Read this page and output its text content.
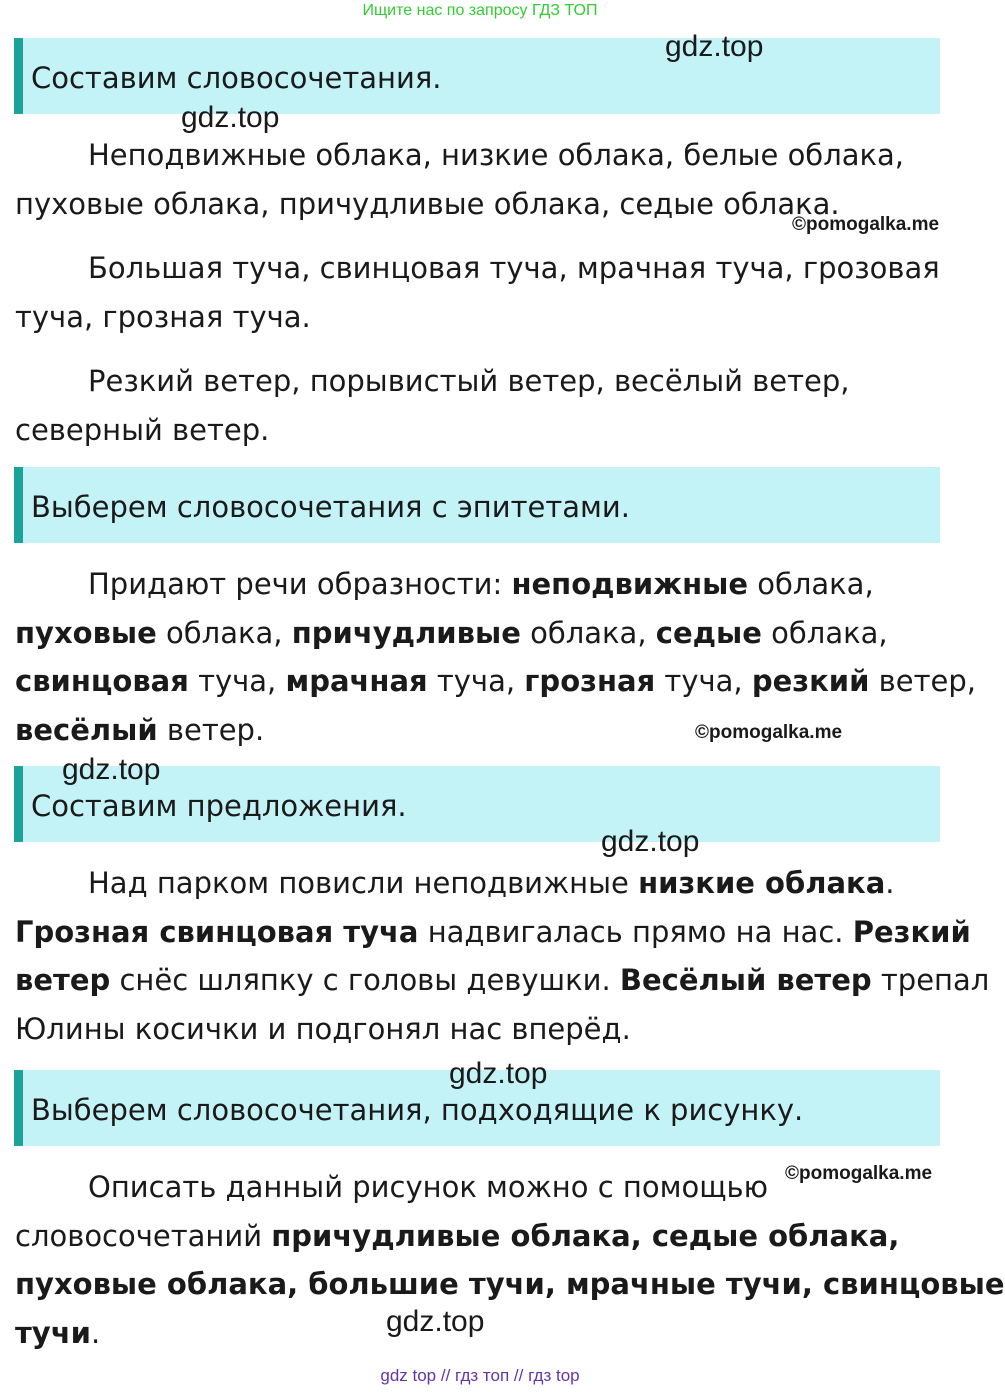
Ищите нас по запросу ГДЗ ТОП
Составим словосочетания.
Неподвижные облака, низкие облака, белые облака,
пуховые облака, причудливые облака, седые облака.
Большая туча, свинцовая туча, мрачная туча, грозовая
туча, грозная туча.
Резкий ветер, порывистый ветер, весёлый ветер,
северный ветер.
Выберем словосочетания с эпитетами.
Придают речи образности: неподвижные облака,
пуховые облака, причудливые облака, седые облака,
свинцовая туча, мрачная туча, грозная туча, резкий ветер,
весёлый ветер.
Составим предложения.
Над парком повисли неподвижные низкие облака.
Грозная свинцовая туча надвигалась прямо на нас. Резкий
ветер снёс шляпку с головы девушки. Весёлый ветер трепал
Юлины косички и подгонял нас вперёд.
Выберем словосочетания, подходящие к рисунку.
Описать данный рисунок можно с помощью
словосочетаний причудливые облака, седые облака,
пуховые облака, большие тучи, мрачные тучи, свинцовые
тучи.
gdz.top
gdz.top
©pomogalka.me
©pomogalka.me
gdz.top
gdz.top
gdz.top
©pomogalka.me
gdz.top
gdz top // гдз топ // гдз top
